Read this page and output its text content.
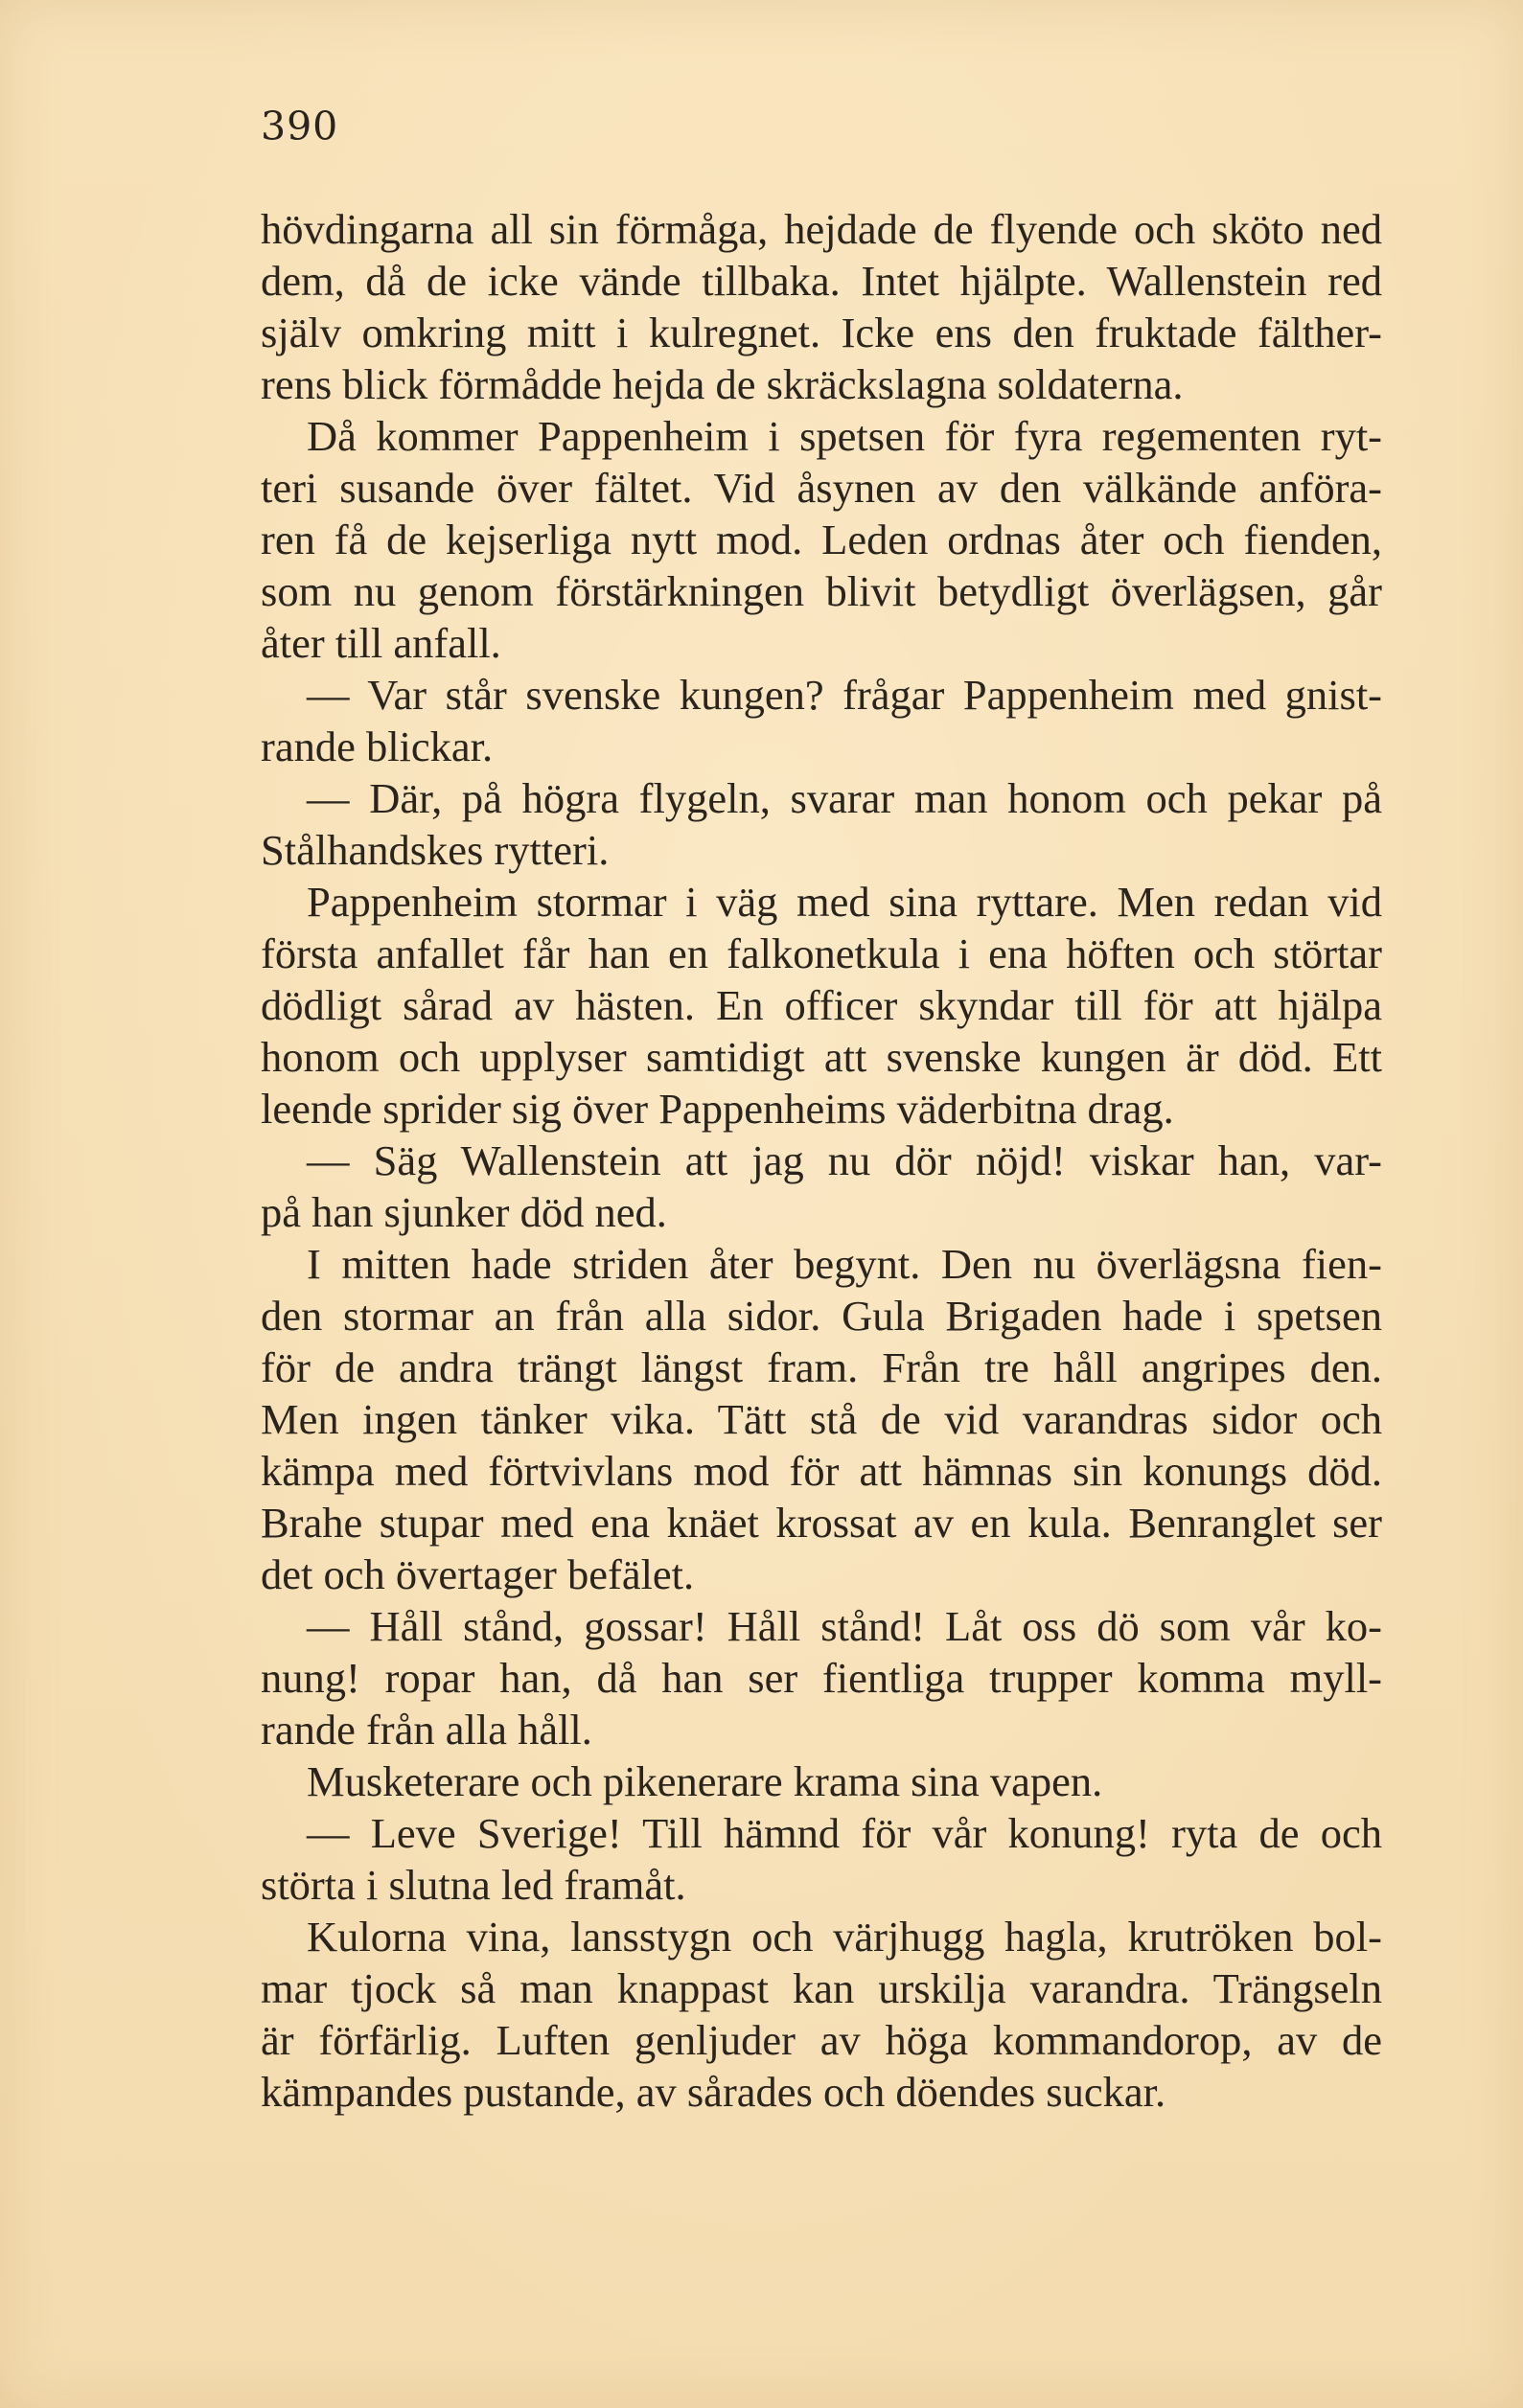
390
hövdingarna all sin förmåga, hejdade de flyende och sköto ned
dem, då de icke vände tillbaka. Intet hjälpte. Wallenstein red
själv omkring mitt i kulregnet. Icke ens den fruktade fälther-
rens blick förmådde hejda de skräckslagna soldaterna.
Då kommer Pappenheim i spetsen för fyra regementen ryt-
teri susande över fältet. Vid åsynen av den välkände anföra-
ren få de kejserliga nytt mod. Leden ordnas åter och fienden,
som nu genom förstärkningen blivit betydligt överlägsen, går
åter till anfall.
— Var står svenske kungen? frågar Pappenheim med gnist-
rande blickar.
— Där, på högra flygeln, svarar man honom och pekar på
Stålhandskes rytteri.
Pappenheim stormar i väg med sina ryttare. Men redan vid
första anfallet får han en falkonetkula i ena höften och störtar
dödligt sårad av hästen. En officer skyndar till för att hjälpa
honom och upplyser samtidigt att svenske kungen är död. Ett
leende sprider sig över Pappenheims väderbitna drag.
— Säg Wallenstein att jag nu dör nöjd! viskar han, var-
på han sjunker död ned.
I mitten hade striden åter begynt. Den nu överlägsna fien-
den stormar an från alla sidor. Gula Brigaden hade i spetsen
för de andra trängt längst fram. Från tre håll angripes den.
Men ingen tänker vika. Tätt stå de vid varandras sidor och
kämpa med förtvivlans mod för att hämnas sin konungs död.
Brahe stupar med ena knäet krossat av en kula. Benranglet ser
det och övertager befälet.
— Håll stånd, gossar! Håll stånd! Låt oss dö som vår ko-
nung! ropar han, då han ser fientliga trupper komma myll-
rande från alla håll.
Musketerare och pikenerare krama sina vapen.
— Leve Sverige! Till hämnd för vår konung! ryta de och
störta i slutna led framåt.
Kulorna vina, lansstygn och värjhugg hagla, krutröken bol-
mar tjock så man knappast kan urskilja varandra. Trängseln
är förfärlig. Luften genljuder av höga kommandorop, av de
kämpandes pustande, av sårades och döendes suckar.
